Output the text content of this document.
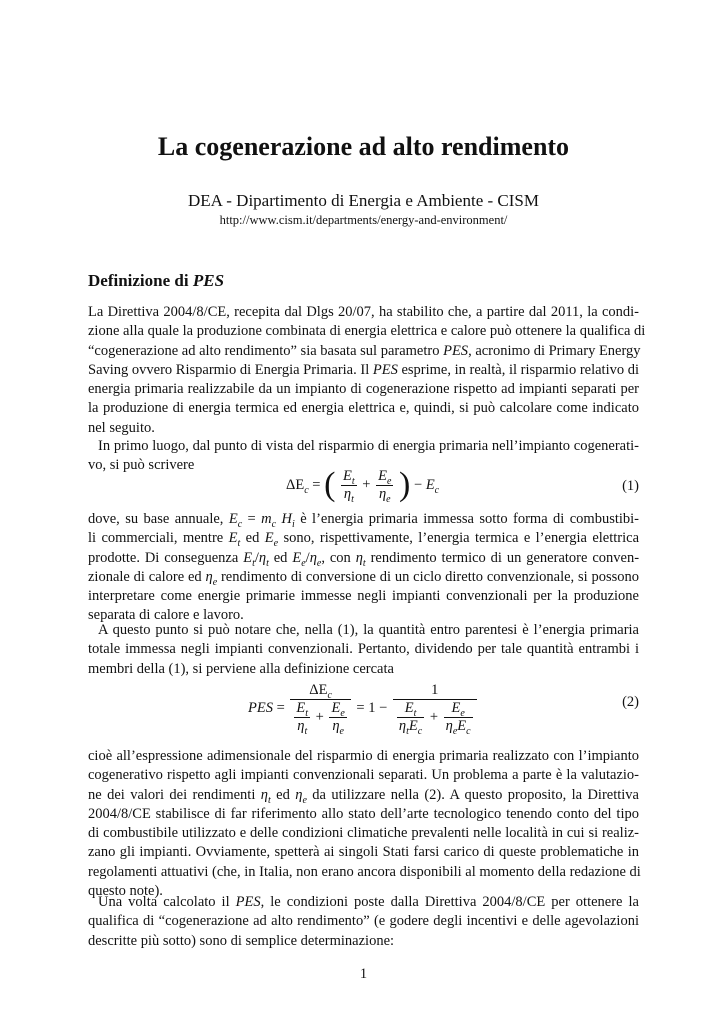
La cogenerazione ad alto rendimento
DEA - Dipartimento di Energia e Ambiente - CISM
http://www.cism.it/departments/energy-and-environment/
Definizione di PES
La Direttiva 2004/8/CE, recepita dal Dlgs 20/07, ha stabilito che, a partire dal 2011, la condi-
zione alla quale la produzione combinata di energia elettrica e calore può ottenere la qualifica di
“cogenerazione ad alto rendimento” sia basata sul parametro PES, acronimo di Primary Energy
Saving ovvero Risparmio di Energia Primaria. Il PES esprime, in realtà, il risparmio relativo di
energia primaria realizzabile da un impianto di cogenerazione rispetto ad impianti separati per
la produzione di energia termica ed energia elettrica e, quindi, si può calcolare come indicato
nel seguito.
In primo luogo, dal punto di vista del risparmio di energia primaria nell’impianto cogenerati-
vo, si può scrivere
$\Delta E_c$ = ( $\frac{E_t}{\eta_t} + \frac{E_e}{\eta_e}$ ) − $E_c$	(1)
dove, su base annuale, $E_c = m_c$ $H_i$ è l’energia primaria immessa sotto forma di combustibi-
li commerciali, mentre $E_t$ ed $E_e$ sono, rispettivamente, l’energia termica e l’energia elettrica
prodotte. Di conseguenza $E_t/\eta_t$ ed $E_e/\eta_e$, con $\eta_t$ rendimento termico di un generatore conven-
zionale di calore ed $\eta_e$ rendimento di conversione di un ciclo diretto convenzionale, si possono
interpretare come energie primarie immesse negli impianti convenzionali per la produzione
separata di calore e lavoro.
A questo punto si può notare che, nella (1), la quantità entro parentesi è l’energia primaria
totale immessa negli impianti convenzionali. Pertanto, dividendo per tale quantità entrambi i
membri della (1), si perviene alla definizione cercata
PES = $\frac{\Delta E_c}{\frac{E_t}{\eta_t} + \frac{E_e}{\eta_e}} = 1 - \frac{1}{\frac{E_t}{\eta_tE_c} + \frac{E_e}{\eta_eE_c}}$	(2)
cioè all’espressione adimensionale del risparmio di energia primaria realizzato con l’impianto
cogenerativo rispetto agli impianti convenzionali separati. Un problema a parte è la valutazio-
ne dei valori dei rendimenti $\eta_t$ ed $\eta_e$ da utilizzare nella (2). A questo proposito, la Direttiva
2004/8/CE stabilisce di far riferimento allo stato dell’arte tecnologico tenendo conto del tipo
di combustibile utilizzato e delle condizioni climatiche prevalenti nelle località in cui si realiz-
zano gli impianti. Ovviamente, spetterà ai singoli Stati farsi carico di queste problematiche in
regolamenti attuativi (che, in Italia, non erano ancora disponibili al momento della redazione di
questo note).
Una volta calcolato il PES, le condizioni poste dalla Direttiva 2004/8/CE per ottenere la
qualifica di “cogenerazione ad alto rendimento” (e godere degli incentivi e delle agevolazioni
descritte più sotto) sono di semplice determinazione:
1
